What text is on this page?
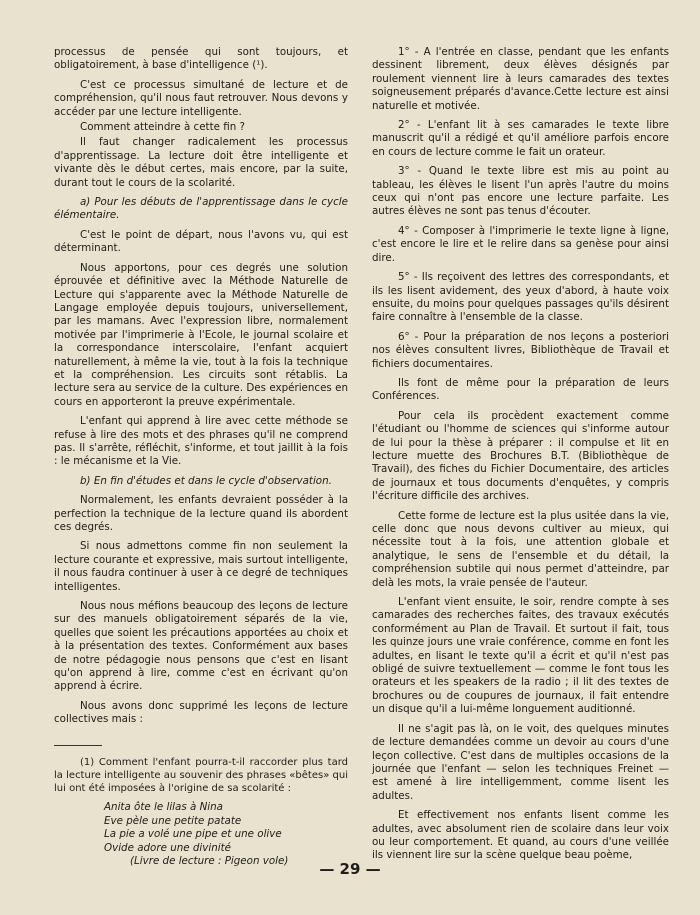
processus de pensée qui sont toujours, et obligatoirement, à base d'intelligence (¹).

C'est ce processus simultané de lecture et de compréhension, qu'il nous faut retrouver. Nous devons y accéder par une lecture intelligente.

Comment atteindre à cette fin ?

Il faut changer radicalement les processus d'apprentissage. La lecture doit être intelligente et vivante dès le début certes, mais encore, par la suite, durant tout le cours de la scolarité.

a) Pour les débuts de l'apprentissage dans le cycle élémentaire.

C'est le point de départ, nous l'avons vu, qui est déterminant.

Nous apportons, pour ces degrés une solution éprouvée et définitive avec la Méthode Naturelle de Lecture qui s'apparente avec la Méthode Naturelle de Langage employée depuis toujours, universellement, par les mamans. Avec l'expression libre, normalement motivée par l'imprimerie à l'Ecole, le journal scolaire et la correspondance interscolaire, l'enfant acquiert naturellement, à même la vie, tout à la fois la technique et la compréhension. Les circuits sont rétablis. La lecture sera au service de la culture. Des expériences en cours en apporteront la preuve expérimentale.

L'enfant qui apprend à lire avec cette méthode se refuse à lire des mots et des phrases qu'il ne comprend pas. Il s'arrête, réfléchit, s'informe, et tout jaillit à la fois : le mécanisme et la Vie.

b) En fin d'études et dans le cycle d'observation.

Normalement, les enfants devraient posséder à la perfection la technique de la lecture quand ils abordent ces degrés.

Si nous admettons comme fin non seulement la lecture courante et expressive, mais surtout intelligente, il nous faudra continuer à user à ce degré de techniques intelligentes.

Nous nous méfions beaucoup des leçons de lecture sur des manuels obligatoirement séparés de la vie, quelles que soient les précautions apportées au choix et à la présentation des textes. Conformément aux bases de notre pédagogie nous pensons que c'est en lisant qu'on apprend à lire, comme c'est en écrivant qu'on apprend à écrire.

Nous avons donc supprimé les leçons de lecture collectives mais :

(1) Comment l'enfant pourra-t-il raccorder plus tard la lecture intelligente au souvenir des phrases «bêtes» qui lui ont été imposées à l'origine de sa scolarité :

Anita ôte le lilas à Nina
Eve pèle une petite patate
La pie a volé une pipe et une olive
Ovide adore une divinité
(Livre de lecture : Pigeon vole)

1° - A l'entrée en classe, pendant que les enfants dessinent librement, deux élèves désignés par roulement viennent lire à leurs camarades des textes soigneusement préparés d'avance.Cette lecture est ainsi naturelle et motivée.

2° - L'enfant lit à ses camarades le texte libre manuscrit qu'il a rédigé et qu'il améliore parfois encore en cours de lecture comme le fait un orateur.

3° - Quand le texte libre est mis au point au tableau, les élèves le lisent l'un après l'autre du moins ceux qui n'ont pas encore une lecture parfaite. Les autres élèves ne sont pas tenus d'écouter.

4° - Composer à l'imprimerie le texte ligne à ligne, c'est encore le lire et le relire dans sa genèse pour ainsi dire.

5° - Ils reçoivent des lettres des correspondants, et ils les lisent avidement, des yeux d'abord, à haute voix ensuite, du moins pour quelques passages qu'ils désirent faire connaître à l'ensemble de la classe.

6° - Pour la préparation de nos leçons a posteriori nos élèves consultent livres, Bibliothèque de Travail et fichiers documentaires.

Ils font de même pour la préparation de leurs Conférences.

Pour cela ils procèdent exactement comme l'étudiant ou l'homme de sciences qui s'informe autour de lui pour la thèse à préparer : il compulse et lit en lecture muette des Brochures B.T. (Bibliothèque de Travail), des fiches du Fichier Documentaire, des articles de journaux et tous documents d'enquêtes, y compris l'écriture difficile des archives.

Cette forme de lecture est la plus usitée dans la vie, celle donc que nous devons cultiver au mieux, qui nécessite tout à la fois, une attention globale et analytique, le sens de l'ensemble et du détail, la compréhension subtile qui nous permet d'atteindre, par delà les mots, la vraie pensée de l'auteur.

L'enfant vient ensuite, le soir, rendre compte à ses camarades des recherches faites, des travaux exécutés conformément au Plan de Travail. Et surtout il fait, tous les quinze jours une vraie conférence, comme en font les adultes, en lisant le texte qu'il a écrit et qu'il n'est pas obligé de suivre textuellement — comme le font tous les orateurs et les speakers de la radio ; il lit des textes de brochures ou de coupures de journaux, il fait entendre un disque qu'il a lui-même longuement auditionné.

Il ne s'agit pas là, on le voit, des quelques minutes de lecture demandées comme un devoir au cours d'une leçon collective. C'est dans de multiples occasions de la journée que l'enfant — selon les techniques Freinet — est amené à lire intelligemment, comme lisent les adultes.

Et effectivement nos enfants lisent comme les adultes, avec absolument rien de scolaire dans leur voix ou leur comportement. Et quand, au cours d'une veillée ils viennent lire sur la scène quelque beau poème,

— 29 —
